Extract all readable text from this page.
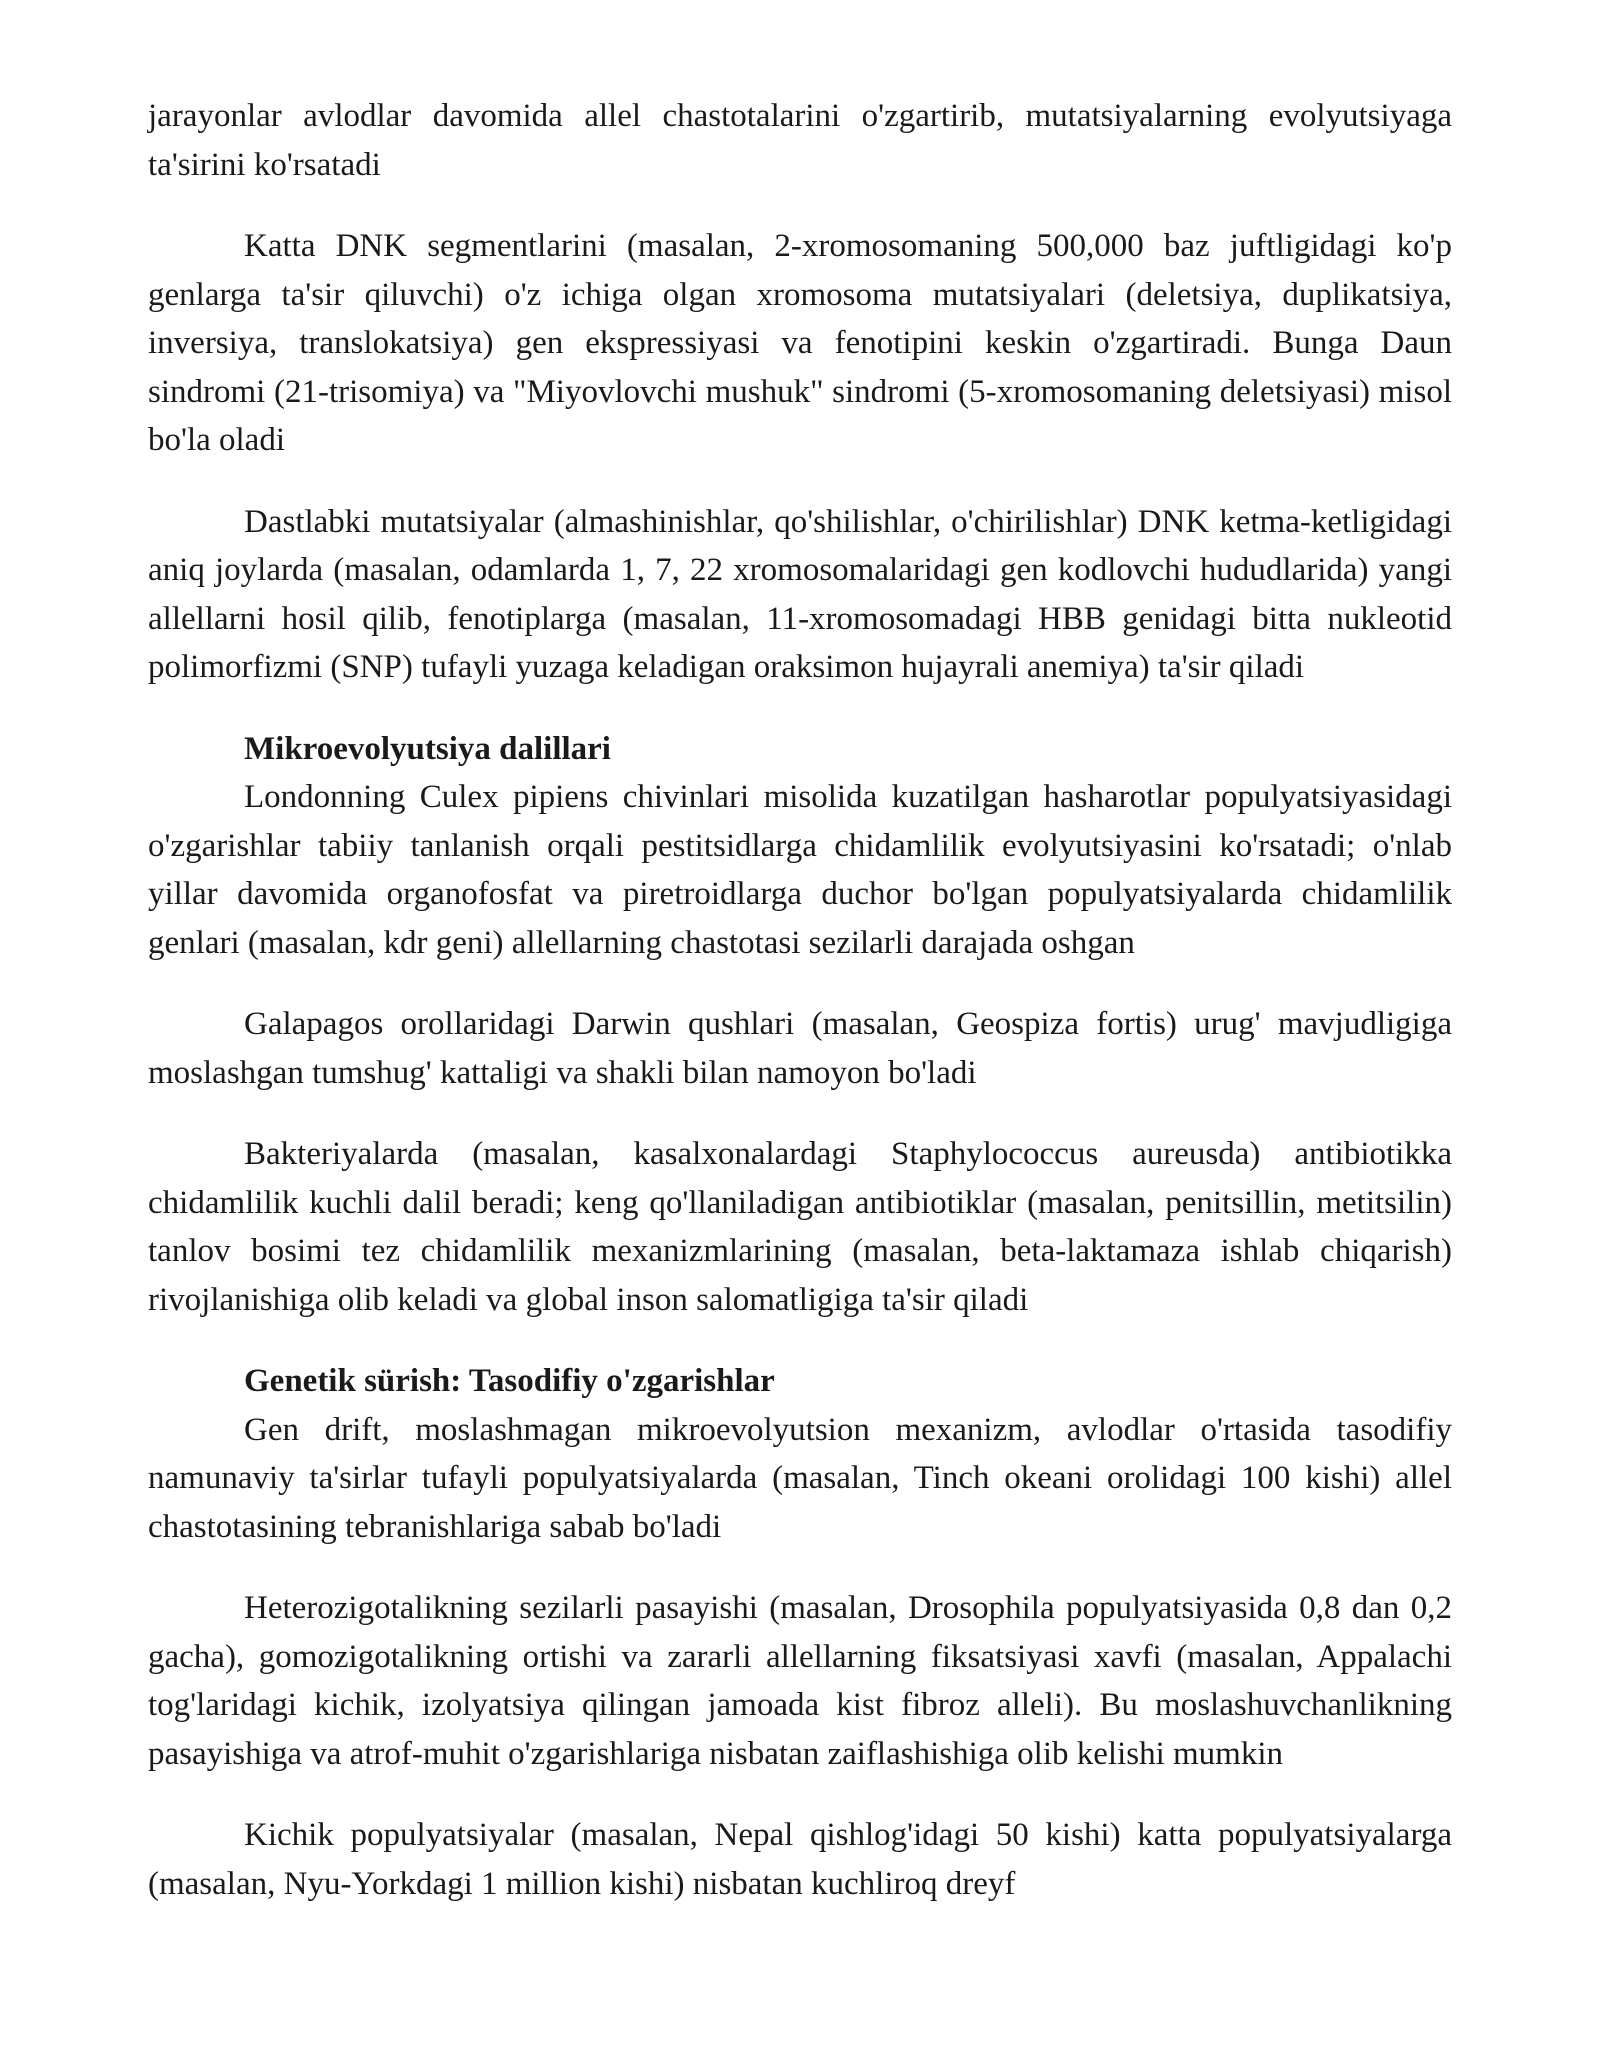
jarayonlar avlodlar davomida allel chastotalarini o'zgartirib, mutatsiyalarning evolyutsiyaga ta'sirini ko'rsatadi

Katta DNK segmentlarini (masalan, 2-xromosomaning 500,000 baz juftligidagi ko'p genlarga ta'sir qiluvchi) o'z ichiga olgan xromosoma mutatsiyalari (deletsiya, duplikatsiya, inversiya, translokatsiya) gen ekspressiyasi va fenotipini keskin o'zgartiradi. Bunga Daun sindromi (21-trisomiya) va "Miyovlovchi mushuk" sindromi (5-xromosomaning deletsiyasi) misol bo'la oladi

Dastlabki mutatsiyalar (almashinishlar, qo'shilishlar, o'chirilishlar) DNK ketma-ketligidagi aniq joylarda (masalan, odamlarda 1, 7, 22 xromosomalaridagi gen kodlovchi hududlarida) yangi allellarni hosil qilib, fenotiplarga (masalan, 11-xromosomadagi HBB genidagi bitta nukleotid polimorfizmi (SNP) tufayli yuzaga keladigan oraksimon hujayrali anemiya) ta'sir qiladi

Mikroevolyutsiya dalillari

Londonning Culex pipiens chivinlari misolida kuzatilgan hasharotlar populyatsiyasidagi o'zgarishlar tabiiy tanlanish orqali pestitsidlarga chidamlilik evolyutsiyasini ko'rsatadi; o'nlab yillar davomida organofosfat va piretroidlarga duchor bo'lgan populyatsiyalarda chidamlilik genlari (masalan, kdr geni) allellarning chastotasi sezilarli darajada oshgan

Galapagos orollaridagi Darwin qushlari (masalan, Geospiza fortis) urug' mavjudligiga moslashgan tumshug' kattaligi va shakli bilan namoyon bo'ladi

Bakteriyalarda (masalan, kasalxonalardagi Staphylococcus aureusda) antibiotikka chidamlilik kuchli dalil beradi; keng qo'llaniladigan antibiotiklar (masalan, penitsillin, metitsilin) tanlov bosimi tez chidamlilik mexanizmlarining (masalan, beta-laktamaza ishlab chiqarish) rivojlanishiga olib keladi va global inson salomatligiga ta'sir qiladi

Genetik sürish: Tasodifiy o'zgarishlar

Gen drift, moslashmagan mikroevolyutsion mexanizm, avlodlar o'rtasida tasodifiy namunaviy ta'sirlar tufayli populyatsiyalarda (masalan, Tinch okeani orolidagi 100 kishi) allel chastotasining tebranishlariga sabab bo'ladi

Heterozigotalikning sezilarli pasayishi (masalan, Drosophila populyatsiyasida 0,8 dan 0,2 gacha), gomozigotalikning ortishi va zararli allellarning fiksatsiyasi xavfi (masalan, Appalachi tog'laridagi kichik, izolyatsiya qilingan jamoada kist fibroz alleli). Bu moslashuvchanlikning pasayishiga va atrof-muhit o'zgarishlariga nisbatan zaiflashishiga olib kelishi mumkin

Kichik populyatsiyalar (masalan, Nepal qishlog'idagi 50 kishi) katta populyatsiyalarga (masalan, Nyu-Yorkdagi 1 million kishi) nisbatan kuchliroq dreyf
